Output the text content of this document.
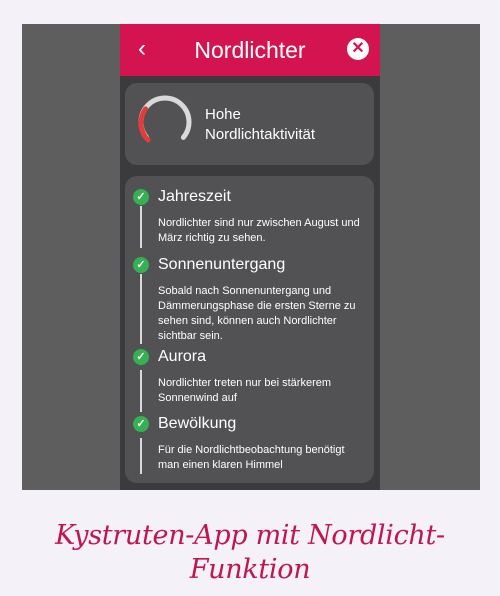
‹	Nordlichter	✕
Hohe
Nordlichtaktivität
✓ Jahreszeit
Nordlichter sind nur zwischen August und März richtig zu sehen.
✓ Sonnenuntergang
Sobald nach Sonnenuntergang und Dämmerungsphase die ersten Sterne zu sehen sind, können auch Nordlichter sichtbar sein.
✓ Aurora
Nordlichter treten nur bei stärkerem Sonnenwind auf
✓ Bewölkung
Für die Nordlichtbeobachtung benötigt man einen klaren Himmel
Kystruten-App mit Nordlicht-Funktion
